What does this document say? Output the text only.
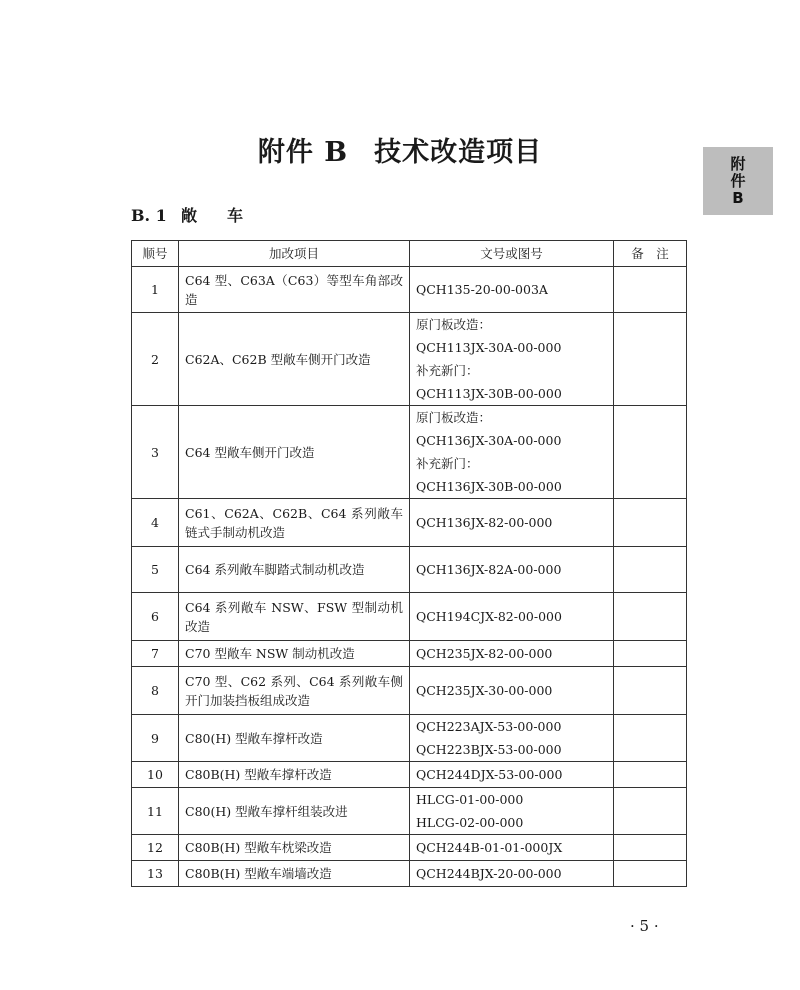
附件 B 技术改造项目	附
件
B
B. 1 敞车
顺号	加改项目	文号或图号	备　注
1	C64 型、C63A（C63）等型车角部改造	QCH135-20-00-003A	

2	C62A、C62B 型敞车侧开门改造	原门板改造：
QCH113JX-30A-00-000
补充新门：
QCH113JX-30B-00-000	

3	C64 型敞车侧开门改造	原门板改造：
QCH136JX-30A-00-000
补充新门：
QCH136JX-30B-00-000	

4	C61、C62A、C62B、C64 系列敞车链式手制动机改造	QCH136JX-82-00-000	

5	C64 系列敞车脚踏式制动机改造	QCH136JX-82A-00-000	

6	C64 系列敞车 NSW、FSW 型制动机改造	QCH194CJX-82-00-000	

7	C70 型敞车 NSW 制动机改造	QCH235JX-82-00-000	

8	C70 型、C62 系列、C64 系列敞车侧开门加装挡板组成改造	QCH235JX-30-00-000	

9	C80(H) 型敞车撑杆改造	QCH223AJX-53-00-000
QCH223BJX-53-00-000	

10	C80B(H) 型敞车撑杆改造	QCH244DJX-53-00-000	

11	C80(H) 型敞车撑杆组装改进	HLCG-01-00-000
HLCG-02-00-000	

12	C80B(H) 型敞车枕梁改造	QCH244B-01-01-000JX	

13	C80B(H) 型敞车端墙改造	QCH244BJX-20-00-000	

· 5 ·
